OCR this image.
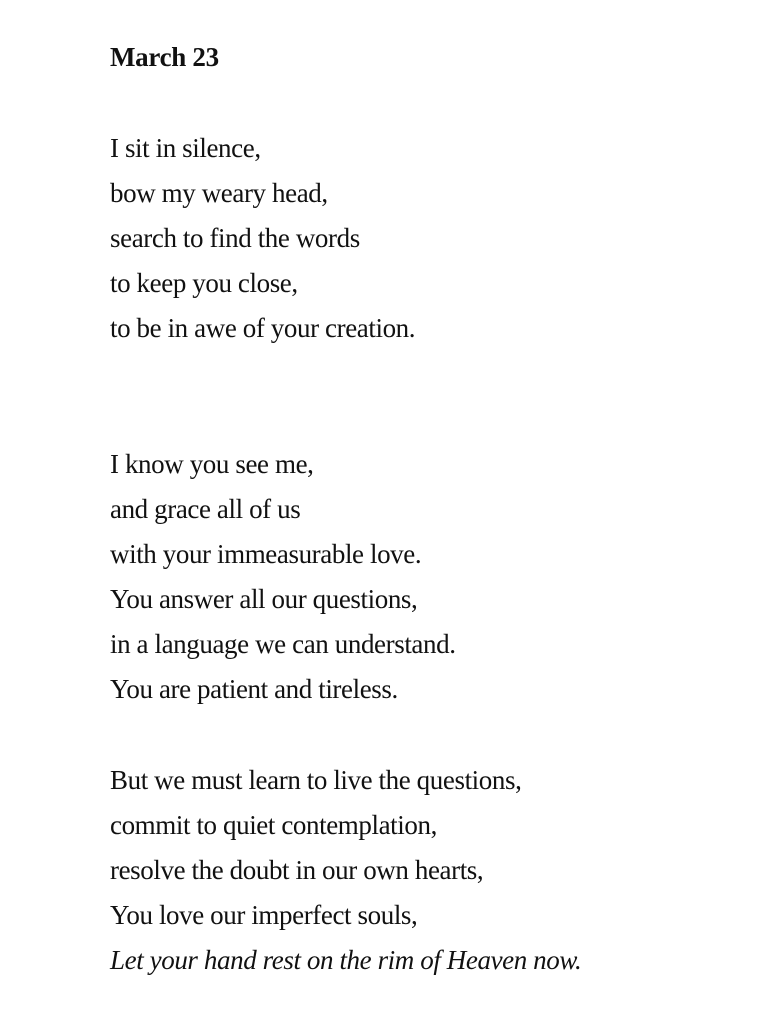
March 23
I sit in silence,
bow my weary head,
search to find the words
to keep you close,
to be in awe of your creation.
I know you see me,
and grace all of us
with your immeasurable love.
You answer all our questions,
in a language we can understand.
You are patient and tireless.
But we must learn to live the questions,
commit to quiet contemplation,
resolve the doubt in our own hearts,
You love our imperfect souls,
Let your hand rest on the rim of Heaven now.
